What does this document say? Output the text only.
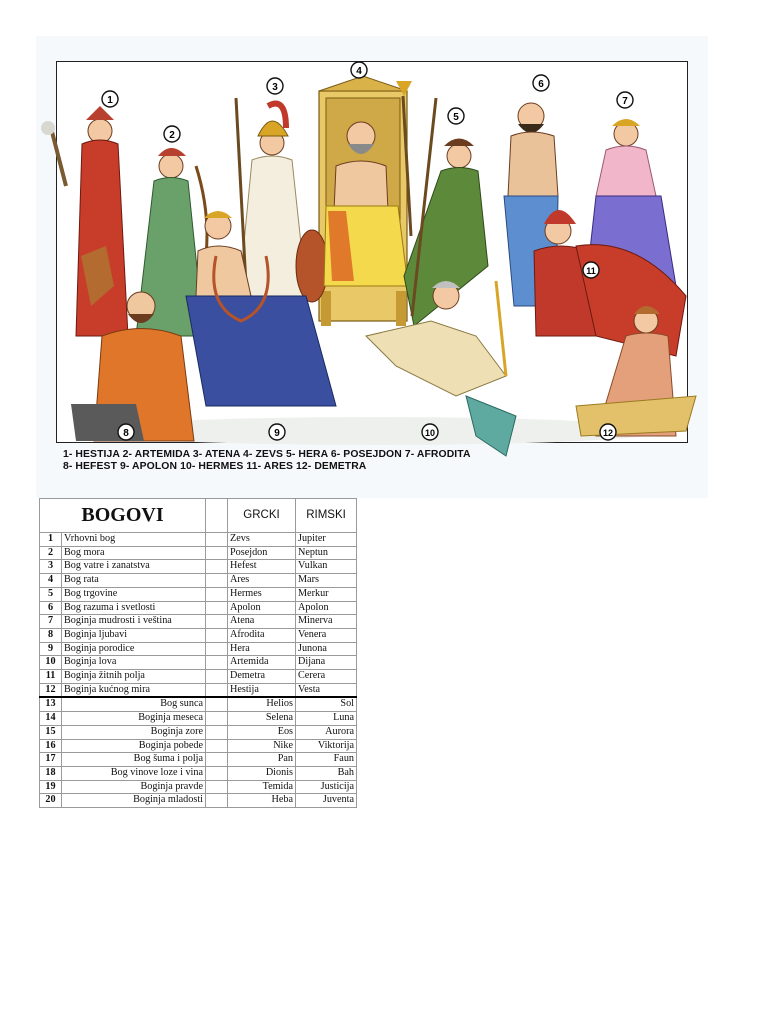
1
2
3
4
5
6
7
8	9	10
11
12
1- HESTIJA 2- ARTEMIDA 3- ATENA 4- ZEVS 5- HERA 6- POSEJDON 7- AFRODITA
8- HEFEST 9- APOLON 10- HERMES 11- ARES 12- DEMETRA
BOGOVI			GRCKI	RIMSKI
1	Vrhovni bog		Zevs	Jupiter
2	Bog mora		Posejdon	Neptun
3	Bog vatre i zanatstva		Hefest	Vulkan
4	Bog rata		Ares	Mars
5	Bog trgovine		Hermes	Merkur
6	Bog razuma i svetlosti		Apolon	Apolon
7	Boginja mudrosti i veština		Atena	Minerva
8	Boginja ljubavi		Afrodita	Venera
9	Boginja porodice		Hera	Junona
10	Boginja lova		Artemida	Dijana
11	Boginja žitnih polja		Demetra	Cerera
12	Boginja kućnog mira		Hestija	Vesta
13	Bog sunca		Helios	Sol
14	Boginja meseca		Selena	Luna
15	Boginja zore		Eos	Aurora
16	Boginja pobede		Nike	Viktorija
17	Bog šuma i polja		Pan	Faun
18	Bog vinove loze i vina		Dionis	Bah
19	Boginja pravde		Temida	Justicija
20	Boginja mladosti		Heba	Juventa
